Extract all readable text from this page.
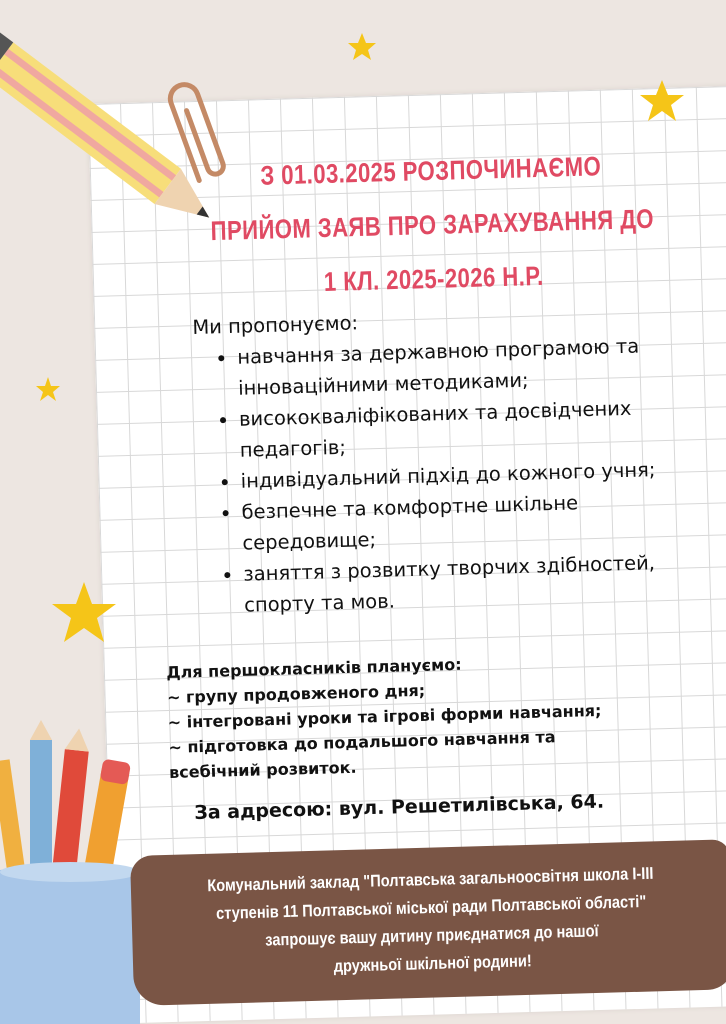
З 01.03.2025 РОЗПОЧИНАЄМО
ПРИЙОМ ЗАЯВ ПРО ЗАРАХУВАННЯ ДО
1 КЛ. 2025-2026 Н.Р.
Ми пропонуємо:
• навчання за державною програмою та інноваційними методиками;
• висококваліфікованих та досвідчених педагогів;
• індивідуальний підхід до кожного учня;
• безпечне та комфортне шкільне середовище;
• заняття з розвитку творчих здібностей, спорту та мов.
Для першокласників плануємо:
~ групу продовженого дня;
~ інтегровані уроки та ігрові форми навчання;
~ підготовка до подальшого навчання та
всебічний розвиток.
За адресою: вул. Решетилівська, 64.
Комунальний заклад "Полтавська загальноосвітня школа І-ІІІ
ступенів 11 Полтавської міської ради Полтавської області"
запрошує вашу дитину приєднатися до нашої
дружньої шкільної родини!
